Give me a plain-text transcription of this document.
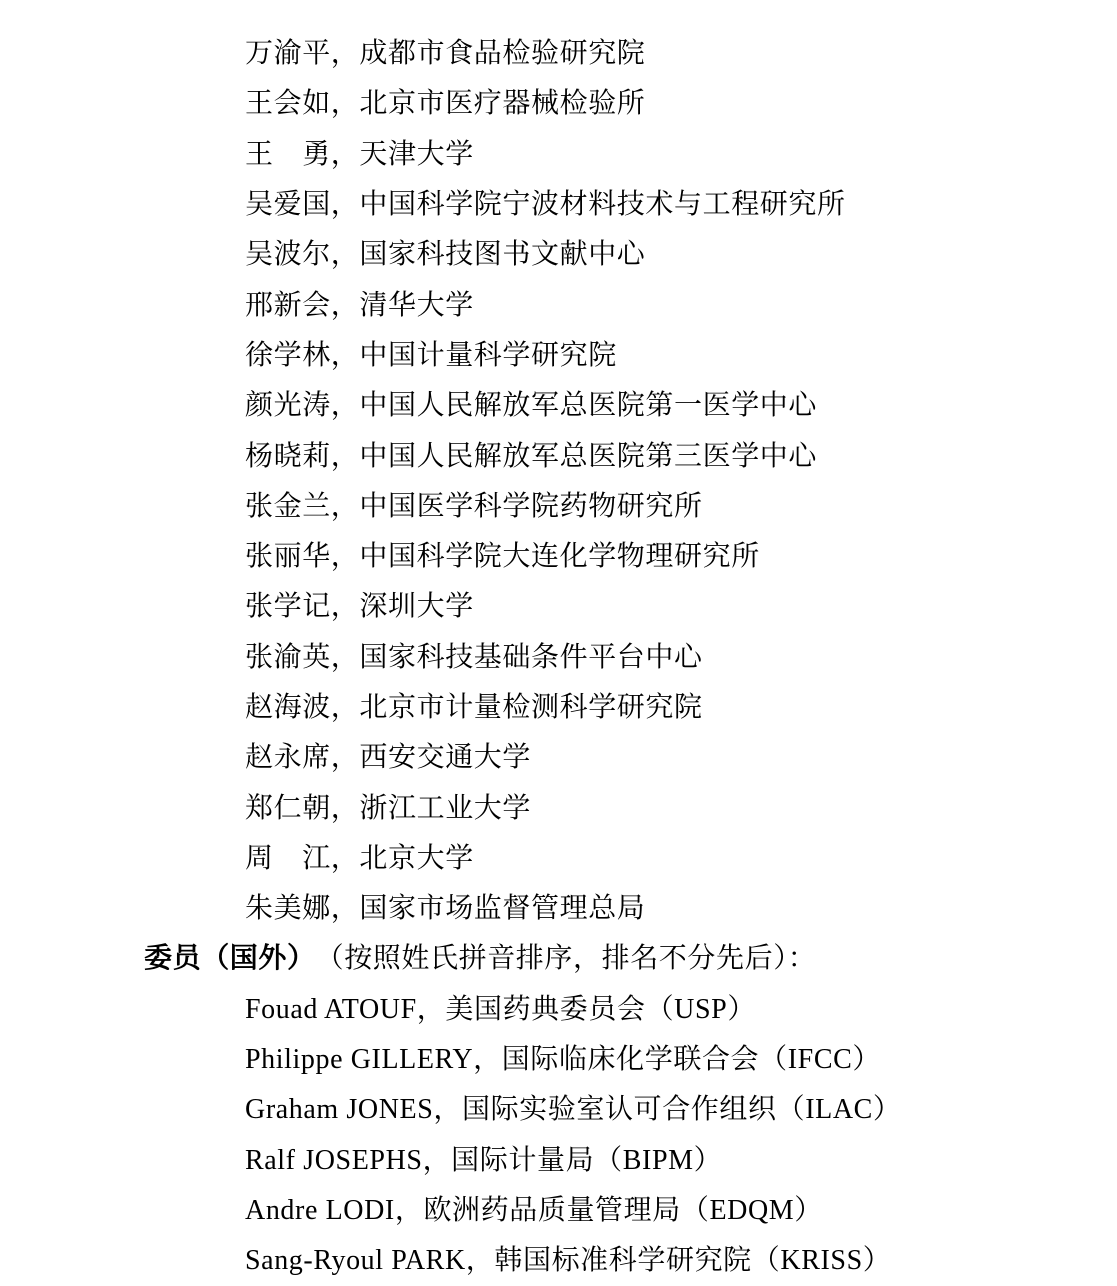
万渝平，成都市食品检验研究院
王会如，北京市医疗器械检验所
王　勇，天津大学
吴爱国，中国科学院宁波材料技术与工程研究所
吴波尔，国家科技图书文献中心
邢新会，清华大学
徐学林，中国计量科学研究院
颜光涛，中国人民解放军总医院第一医学中心
杨晓莉，中国人民解放军总医院第三医学中心
张金兰，中国医学科学院药物研究所
张丽华，中国科学院大连化学物理研究所
张学记，深圳大学
张渝英，国家科技基础条件平台中心
赵海波，北京市计量检测科学研究院
赵永席，西安交通大学
郑仁朝，浙江工业大学
周　江，北京大学
朱美娜，国家市场监督管理总局
委员（国外） （按照姓氏拼音排序，排名不分先后）：
Fouad ATOUF，美国药典委员会（USP）
Philippe GILLERY，国际临床化学联合会（IFCC）
Graham JONES，国际实验室认可合作组织（ILAC）
Ralf JOSEPHS，国际计量局（BIPM）
Andre LODI，欧洲药品质量管理局（EDQM）
Sang-Ryoul PARK，韩国标准科学研究院（KRISS）
